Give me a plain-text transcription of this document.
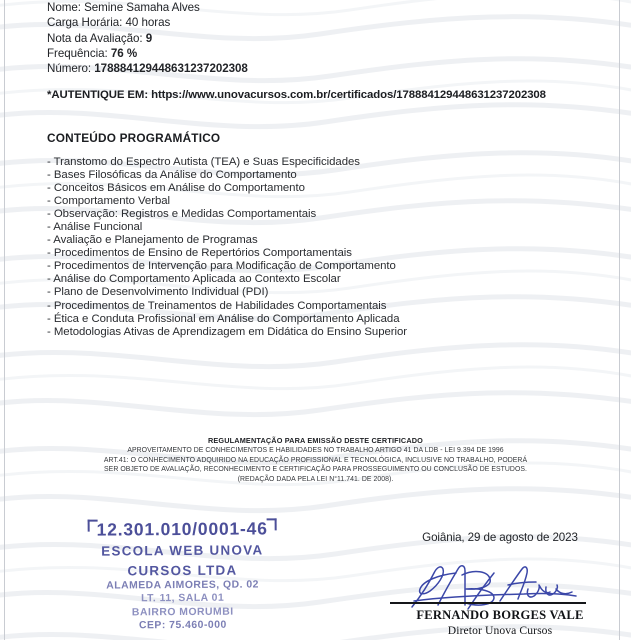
Nome: Semine Samaha Alves
Carga Horária: 40 horas
Nota da Avaliação: 9
Frequência: 76 %
Número: 178884129448631237202308
*AUTENTIQUE EM: https://www.unovacursos.com.br/certificados/178884129448631237202308
CONTEÚDO PROGRAMÁTICO
- Transtomo do Espectro Autista (TEA) e Suas Especificidades
- Bases Filosóficas da Análise do Comportamento
- Conceitos Básicos em Análise do Comportamento
- Comportamento Verbal
- Observação: Registros e Medidas Comportamentais
- Análise Funcional
- Avaliação e Planejamento de Programas
- Procedimentos de Ensino de Repertórios Comportamentais
- Procedimentos de Intervenção para Modificação de Comportamento
- Análise do Comportamento Aplicada ao Contexto Escolar
- Plano de Desenvolvimento Individual (PDI)
- Procedimentos de Treinamentos de Habilidades Comportamentais
- Ética e Conduta Profissional em Análise do Comportamento Aplicada
- Metodologias Ativas de Aprendizagem em Didática do Ensino Superior
REGULAMENTAÇÃO PARA EMISSÃO DESTE CERTIFICADO
APROVEITAMENTO DE CONHECIMENTOS E HABILIDADES NO TRABALHO ARTIGO 41 DA LDB - LEI 9.394 DE 1996
ART.41: O CONHECIMENTO ADQUIRIDO NA EDUCAÇÃO PROFISSIONAL E TECNOLÓGICA, INCLUSIVE NO TRABALHO, PODERÁ
SER OBJETO DE AVALIAÇÃO, RECONHECIMENTO E CERTIFICAÇÃO PARA PROSSEGUIMENTO OU CONCLUSÃO DE ESTUDOS.
(REDAÇÃO DADA PELA LEI N°11.741. DE 2008).
12.301.010/0001-46
ESCOLA WEB UNOVA
CURSOS LTDA
ALAMEDA AIMORES, QD. 02
LT. 11, SALA 01
BAIRRO MORUMBI
CEP: 75.460-000
Goiânia, 29 de agosto de 2023
FERNANDO BORGES VALE
Diretor Unova Cursos
